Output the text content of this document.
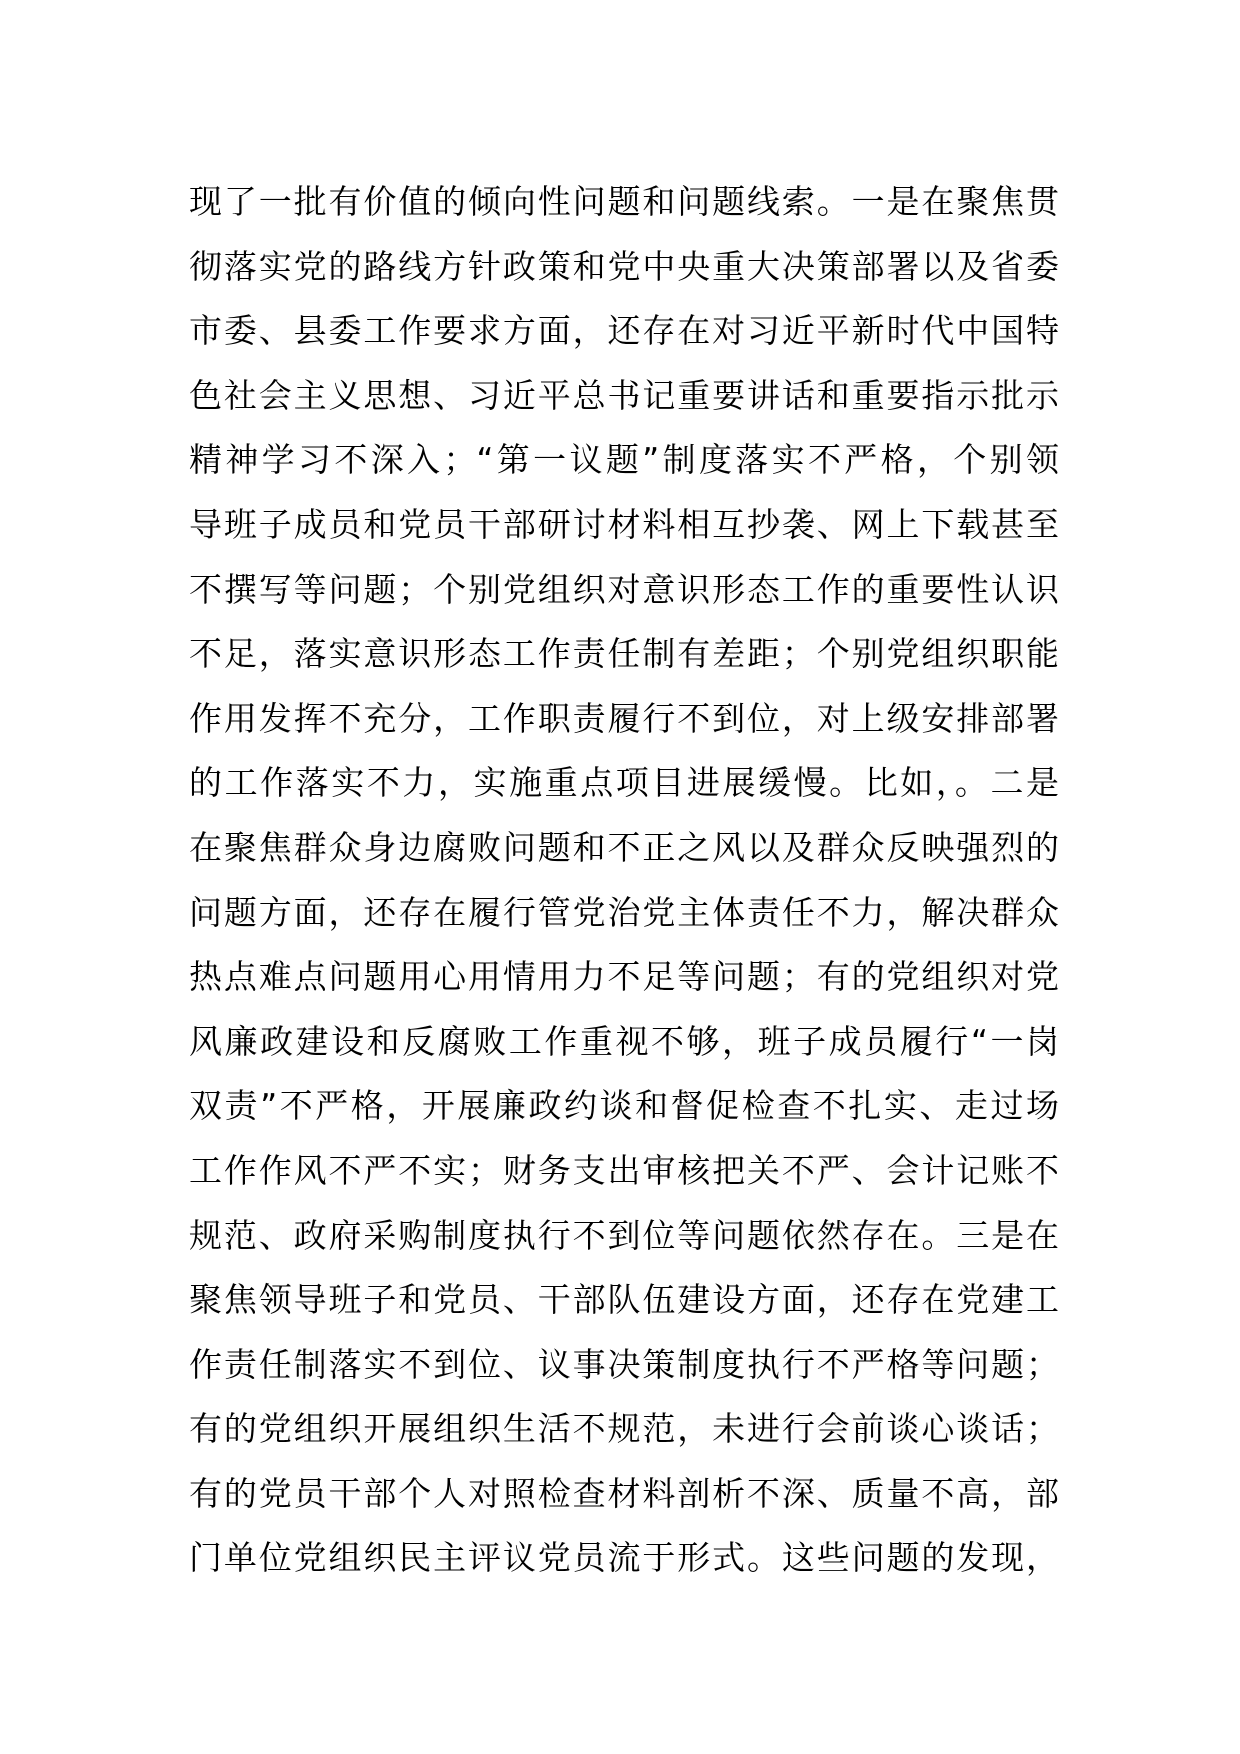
现了一批有价值的倾向性问题和问题线索。一是在聚焦贯
彻落实党的路线方针政策和党中央重大决策部署以及省委
市委、县委工作要求方面，还存在对习近平新时代中国特
色社会主义思想、习近平总书记重要讲话和重要指示批示
精神学习不深入；“第一议题”制度落实不严格，个别领
导班子成员和党员干部研讨材料相互抄袭、网上下载甚至
不撰写等问题；个别党组织对意识形态工作的重要性认识
不足，落实意识形态工作责任制有差距；个别党组织职能
作用发挥不充分，工作职责履行不到位，对上级安排部署
的工作落实不力，实施重点项目进展缓慢。比如，。二是
在聚焦群众身边腐败问题和不正之风以及群众反映强烈的
问题方面，还存在履行管党治党主体责任不力，解决群众
热点难点问题用心用情用力不足等问题；有的党组织对党
风廉政建设和反腐败工作重视不够，班子成员履行“一岗
双责”不严格，开展廉政约谈和督促检查不扎实、走过场
工作作风不严不实；财务支出审核把关不严、会计记账不
规范、政府采购制度执行不到位等问题依然存在。三是在
聚焦领导班子和党员、干部队伍建设方面，还存在党建工
作责任制落实不到位、议事决策制度执行不严格等问题；
有的党组织开展组织生活不规范，未进行会前谈心谈话；
有的党员干部个人对照检查材料剖析不深、质量不高，部
门单位党组织民主评议党员流于形式。这些问题的发现，
